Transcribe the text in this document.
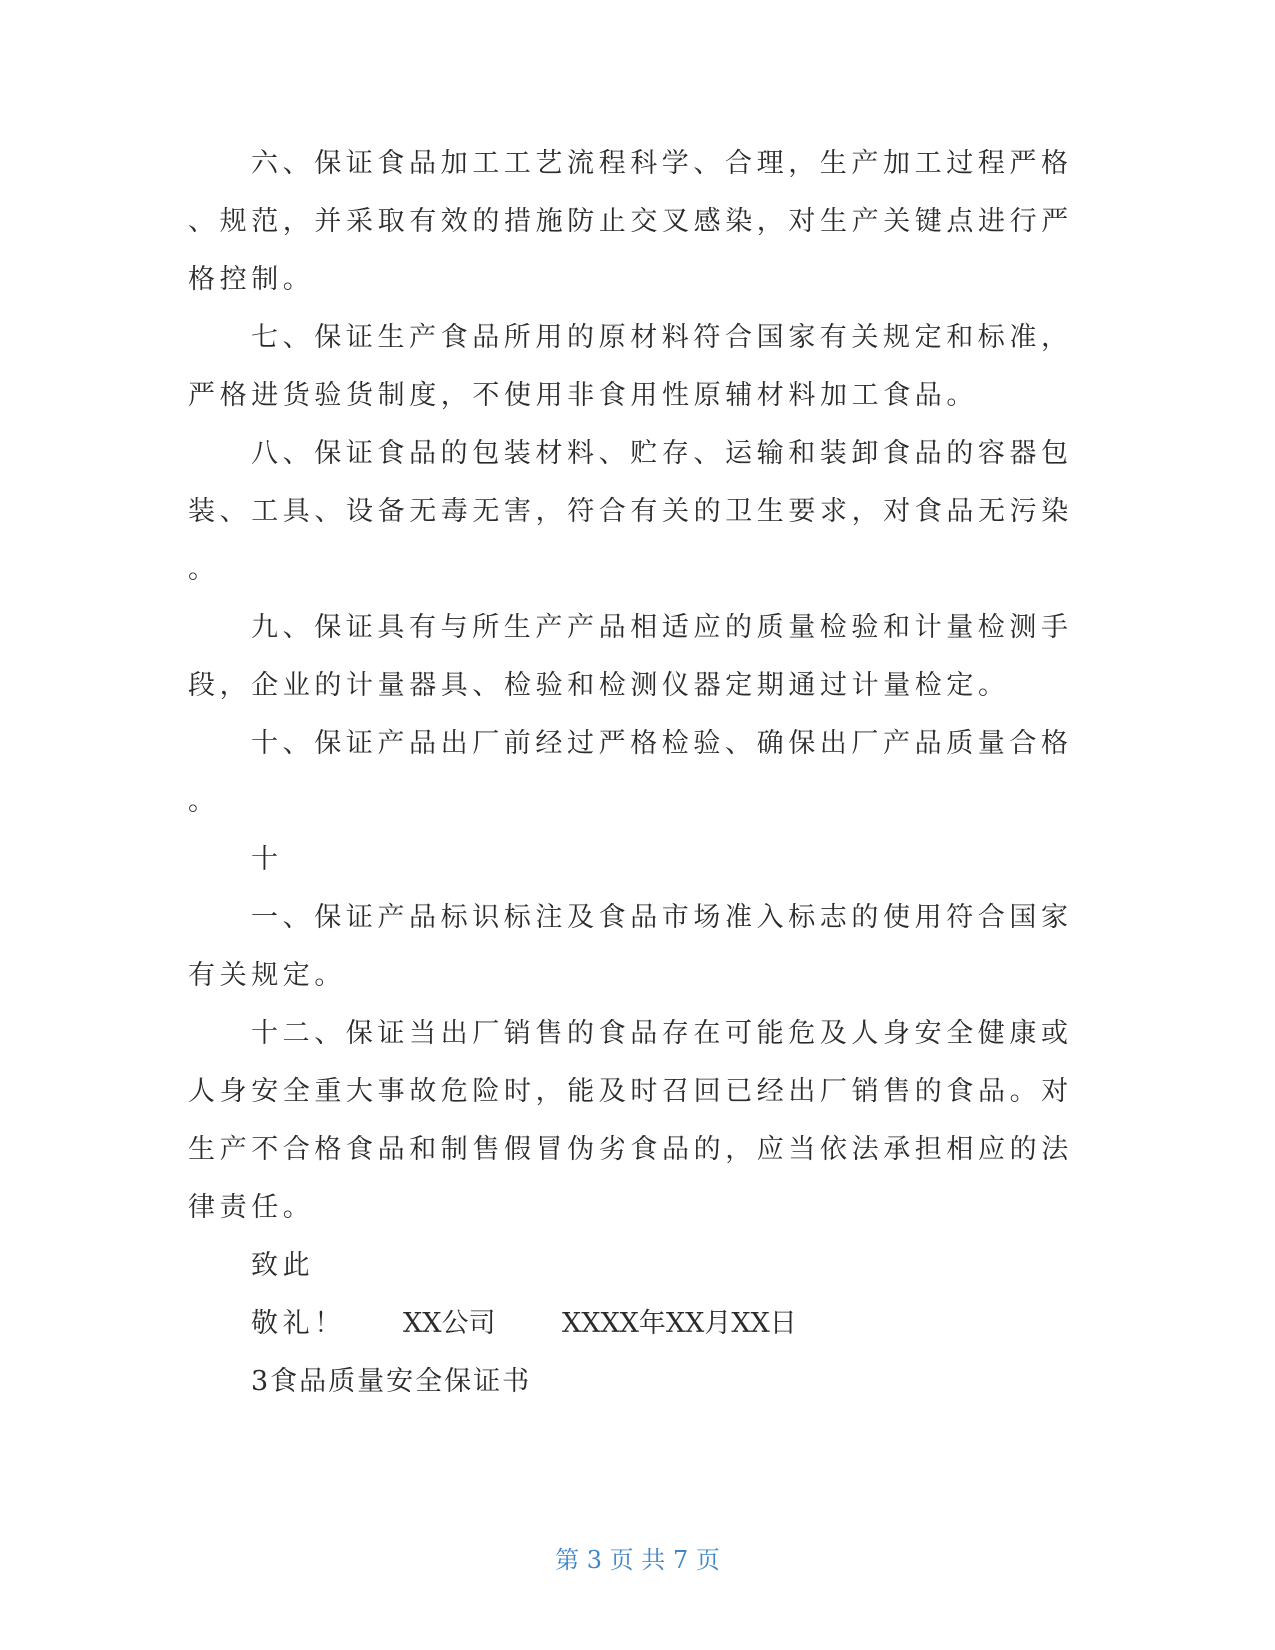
六、保证食品加工工艺流程科学、合理，生产加工过程严格
、规范，并采取有效的措施防止交叉感染，对生产关键点进行严
格控制。
七、保证生产食品所用的原材料符合国家有关规定和标准，
严格进货验货制度，不使用非食用性原辅材料加工食品。
八、保证食品的包装材料、贮存、运输和装卸食品的容器包
装、工具、设备无毒无害，符合有关的卫生要求，对食品无污染
。
九、保证具有与所生产产品相适应的质量检验和计量检测手
段，企业的计量器具、检验和检测仪器定期通过计量检定。
十、保证产品出厂前经过严格检验、确保出厂产品质量合格
。
十
一、保证产品标识标注及食品市场准入标志的使用符合国家
有关规定。
十二、保证当出厂销售的食品存在可能危及人身安全健康或
人身安全重大事故危险时，能及时召回已经出厂销售的食品。对
生产不合格食品和制售假冒伪劣食品的，应当依法承担相应的法
律责任。
致此
敬礼！ XX公司 XXXX年XX月XX日
3食品质量安全保证书
第 3 页 共 7 页
